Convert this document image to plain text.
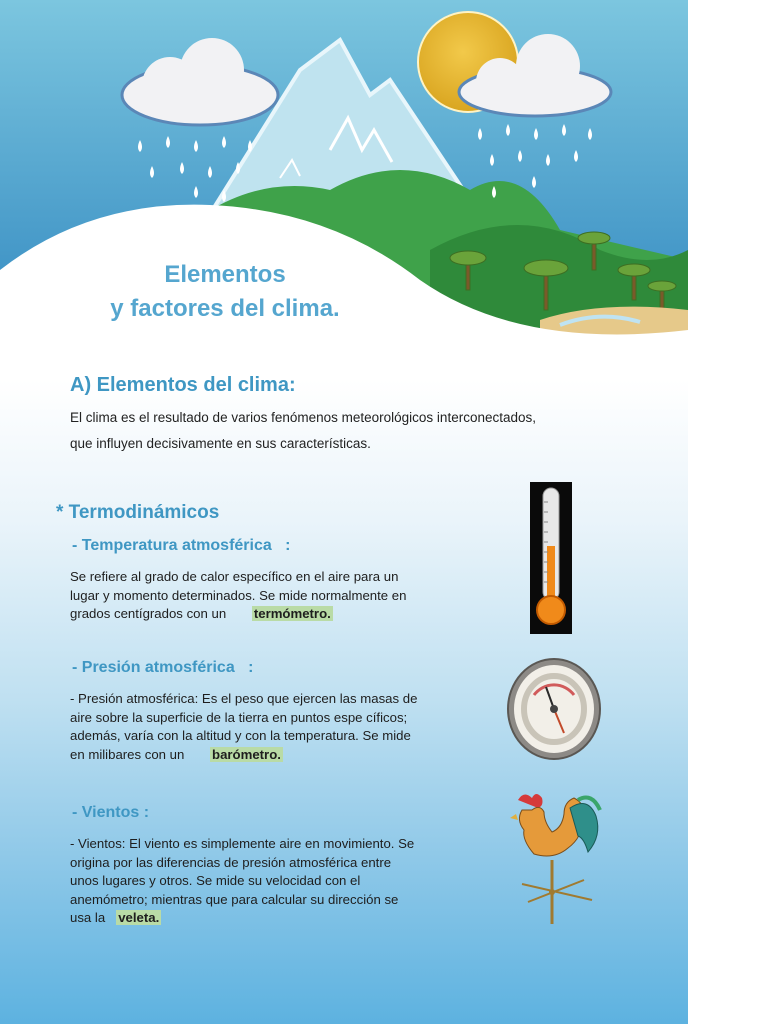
Elementos
y factores del clima.
A) Elementos del clima:
El clima es el resultado de varios fenómenos meteorológicos interconectados,
que influyen decisivamente en sus características.
* Termodinámicos
- Temperatura atmosférica   :
Se refiere al grado de calor específico en el aire para un lugar y momento determinados. Se mide normalmente en grados centígrados con un termómetro.
- Presión atmosférica   :
- Presión atmosférica: Es el peso que ejercen las masas de aire sobre la superficie de la tierra en puntos espe cíficos; además, varía con la altitud y con la temperatura. Se mide en milibares con un barómetro.
- Vientos :
- Vientos: El viento es simplemente aire en movimiento. Se origina por las diferencias de presión atmosférica entre unos lugares y otros. Se mide su velocidad con el anemómetro; mientras que para calcular su dirección se usa la veleta.
